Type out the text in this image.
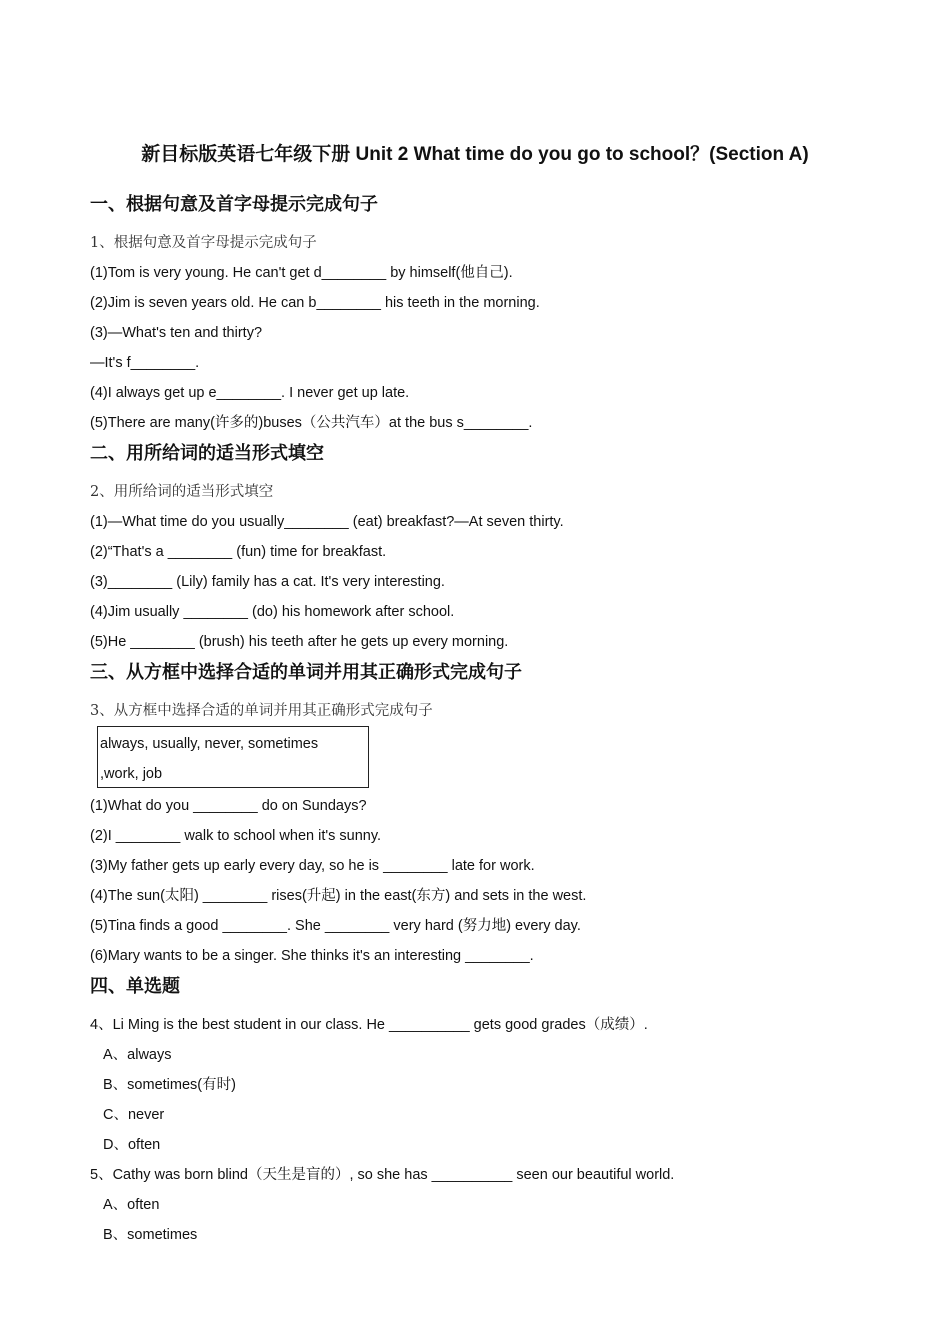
新目标版英语七年级下册 Unit 2 What time do you go to school？(Section A)
一、根据句意及首字母提示完成句子
1、根据句意及首字母提示完成句子
(1)Tom is very young. He can't get d________ by himself(他自己).
(2)Jim is seven years old. He can b________ his teeth in the morning.
(3)—What's ten and thirty?
—It's f________.
(4)I always get up e________. I never get up late.
(5)There are many(许多的)buses（公共汽车）at the bus s________.
二、用所给词的适当形式填空
2、用所给词的适当形式填空
(1)—What time do you usually________ (eat) breakfast?—At seven thirty.
(2)“That's a ________ (fun) time for breakfast.
(3)________ (Lily) family has a cat. It's very interesting.
(4)Jim usually ________ (do) his homework after school.
(5)He ________ (brush) his teeth after he gets up every morning.
三、从方框中选择合适的单词并用其正确形式完成句子
3、从方框中选择合适的单词并用其正确形式完成句子
always, usually, never, sometimes
,work, job
(1)What do you ________ do on Sundays?
(2)I ________ walk to school when it's sunny.
(3)My father gets up early every day, so he is ________ late for work.
(4)The sun(太阳) ________ rises(升起) in the east(东方) and sets in the west.
(5)Tina finds a good ________. She ________ very hard (努力地) every day.
(6)Mary wants to be a singer. She thinks it's an interesting ________.
四、单选题
4、Li Ming is the best student in our class. He __________ gets good grades（成绩）.
A、always
B、sometimes(有时)
C、never
D、often
5、Cathy was born blind（天生是盲的）, so she has __________ seen our beautiful world.
A、often
B、sometimes
